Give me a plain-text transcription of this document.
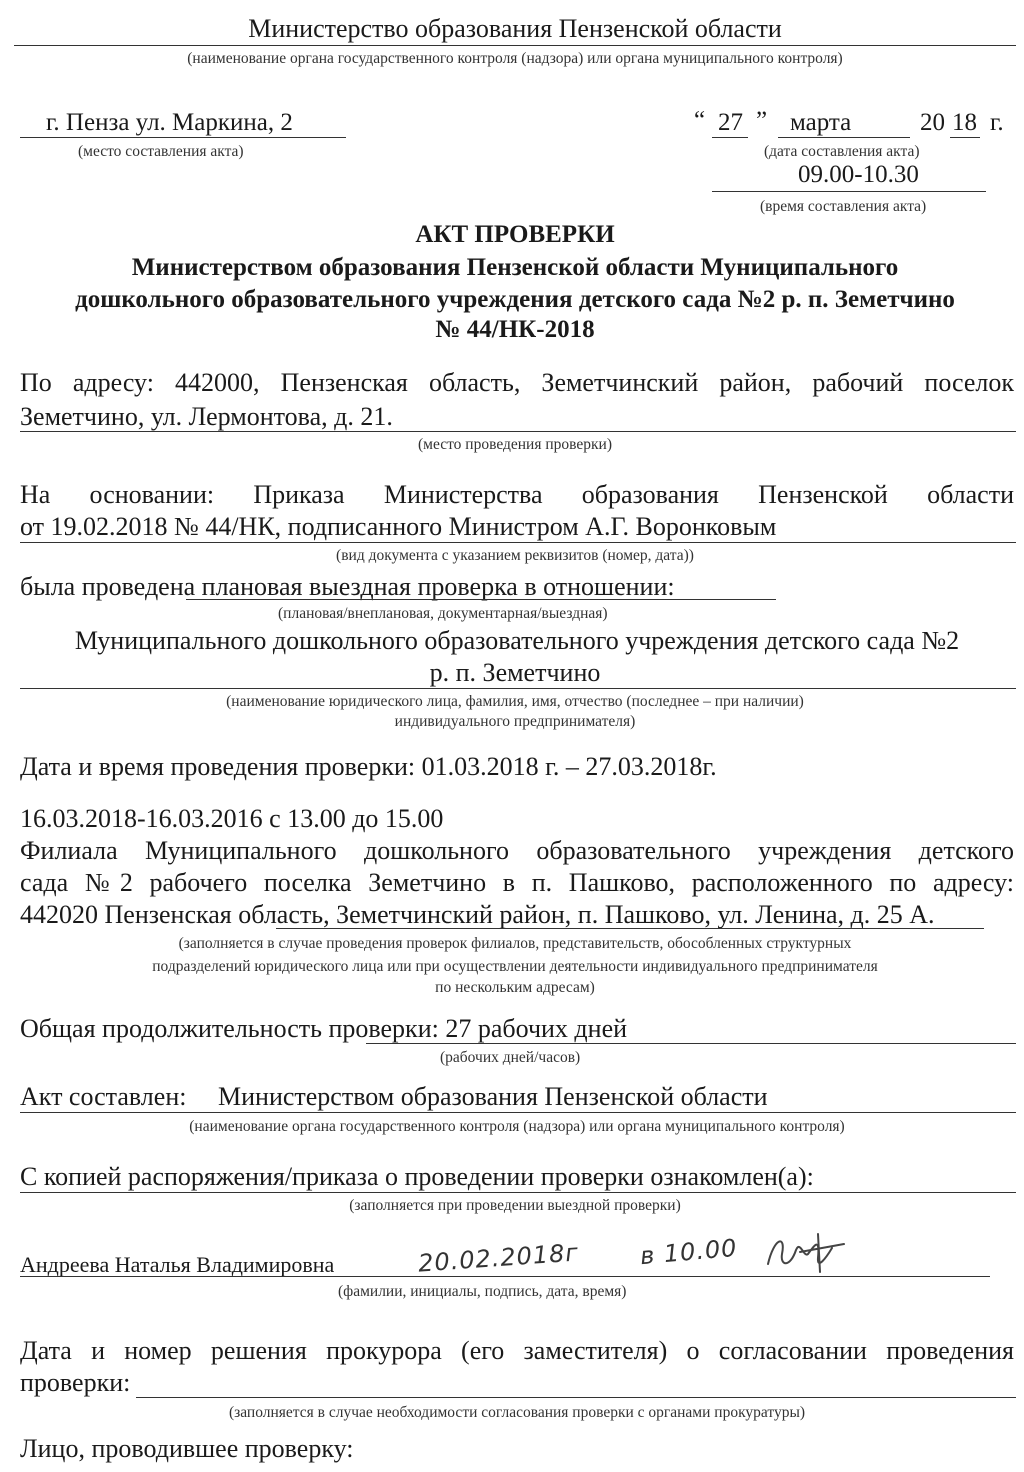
Министерство образования Пензенской области
(наименование органа государственного контроля (надзора) или органа муниципального контроля)
г. Пенза ул. Маркина, 2
(место составления акта)
“ 27 ” марта	20 18 г.
(дата составления акта)
09.00-10.30
(время составления акта)
АКТ ПРОВЕРКИ
Министерством образования Пензенской области Муниципального
дошкольного образовательного учреждения детского сада №2 р. п. Земетчино
№ 44/НК-2018
По адресу: 442000, Пензенская область, Земетчинский район, рабочий поселок
Земетчино, ул. Лермонтова, д. 21.
(место проведения проверки)
На основании: Приказа Министерства образования Пензенской области
от 19.02.2018 № 44/НК, подписанного Министром А.Г. Воронковым
(вид документа с указанием реквизитов (номер, дата))
была проведена плановая выездная проверка в отношении:
(плановая/внеплановая, документарная/выездная)
Муниципального дошкольного образовательного учреждения детского сада №2
р. п. Земетчино
(наименование юридического лица, фамилия, имя, отчество (последнее – при наличии)
индивидуального предпринимателя)
Дата и время проведения проверки: 01.03.2018 г. – 27.03.2018г.
16.03.2018-16.03.2016 с 13.00 до 15.00
Филиала Муниципального дошкольного образовательного учреждения детского
сада №2 рабочего поселка Земетчино в п. Пашково, расположенного по адресу:
442020 Пензенская область, Земетчинский район, п. Пашково, ул. Ленина, д. 25 А.
(заполняется в случае проведения проверок филиалов, представительств, обособленных структурных
подразделений юридического лица или при осуществлении деятельности индивидуального предпринимателя
по нескольким адресам)
Общая продолжительность проверки: 27 рабочих дней
(рабочих дней/часов)
Акт составлен: Министерством образования Пензенской области
(наименование органа государственного контроля (надзора) или органа муниципального контроля)
С копией распоряжения/приказа о проведении проверки ознакомлен(а):
(заполняется при проведении выездной проверки)
Андреева Наталья Владимировна	20.02.2018г в 10.00
(фамилии, инициалы, подпись, дата, время)
Дата и номер решения прокурора (его заместителя) о согласовании проведения
проверки:
(заполняется в случае необходимости согласования проверки с органами прокуратуры)
Лицо, проводившее проверку:
